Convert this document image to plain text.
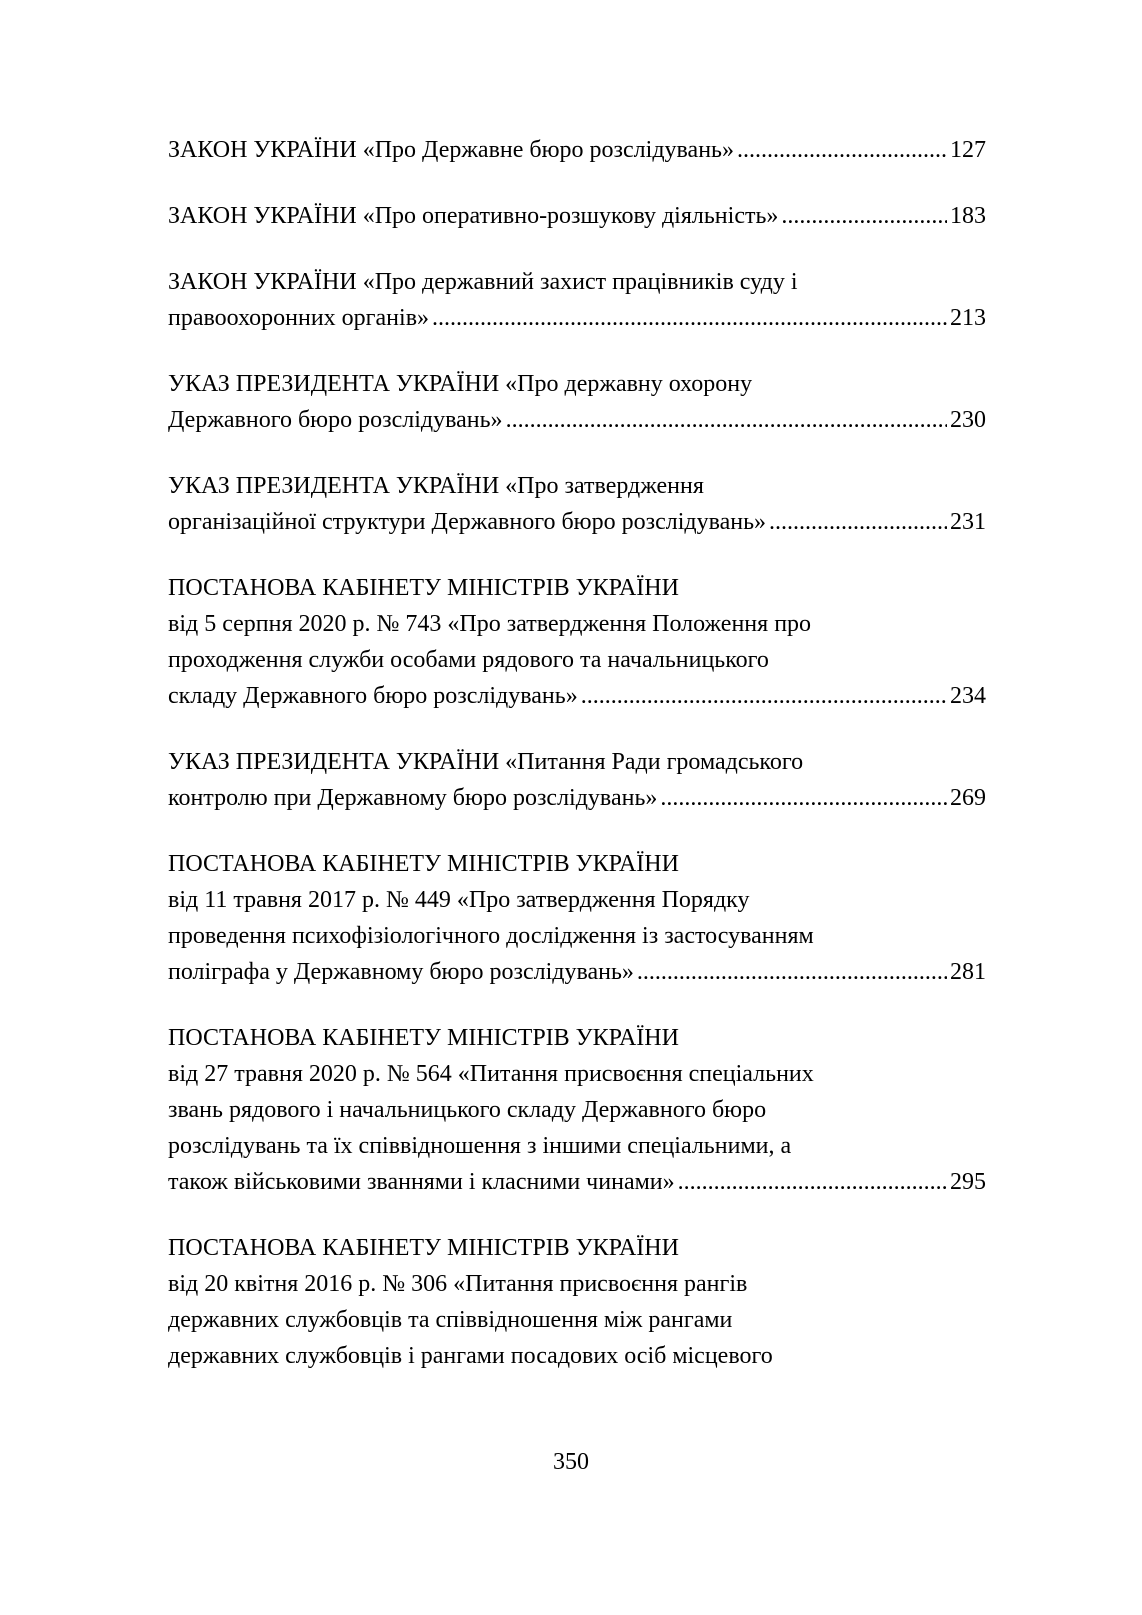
ЗАКОН УКРАЇНИ «Про Державне бюро розслідувань» .....	127
ЗАКОН УКРАЇНИ «Про оперативно-розшукову діяльність» .....	183
ЗАКОН УКРАЇНИ «Про державний захист працівників суду і
правоохоронних органів» .....	213
УКАЗ ПРЕЗИДЕНТА УКРАЇНИ «Про державну охорону
Державного бюро розслідувань» .....	230
УКАЗ ПРЕЗИДЕНТА УКРАЇНИ «Про затвердження
організаційної структури Державного бюро розслідувань» .....	231
ПОСТАНОВА КАБІНЕТУ МІНІСТРІВ УКРАЇНИ
від 5 серпня 2020 р. № 743 «Про затвердження Положення про
проходження служби особами рядового та начальницького
складу Державного бюро розслідувань» .....	234
УКАЗ ПРЕЗИДЕНТА УКРАЇНИ «Питання Ради громадського
контролю при Державному бюро розслідувань» .....	269
ПОСТАНОВА КАБІНЕТУ МІНІСТРІВ УКРАЇНИ
від 11 травня 2017 р. № 449 «Про затвердження Порядку
проведення психофізіологічного дослідження із застосуванням
поліграфа у Державному бюро розслідувань» .....	281
ПОСТАНОВА КАБІНЕТУ МІНІСТРІВ УКРАЇНИ
від 27 травня 2020 р. № 564 «Питання присвоєння спеціальних
звань рядового і начальницького складу Державного бюро
розслідувань та їх співвідношення з іншими спеціальними, а
також військовими званнями і класними чинами» .....	295
ПОСТАНОВА КАБІНЕТУ МІНІСТРІВ УКРАЇНИ
від 20 квітня 2016 р. № 306 «Питання присвоєння рангів
державних службовців та співвідношення між рангами
державних службовців і рангами посадових осіб місцевого
350
